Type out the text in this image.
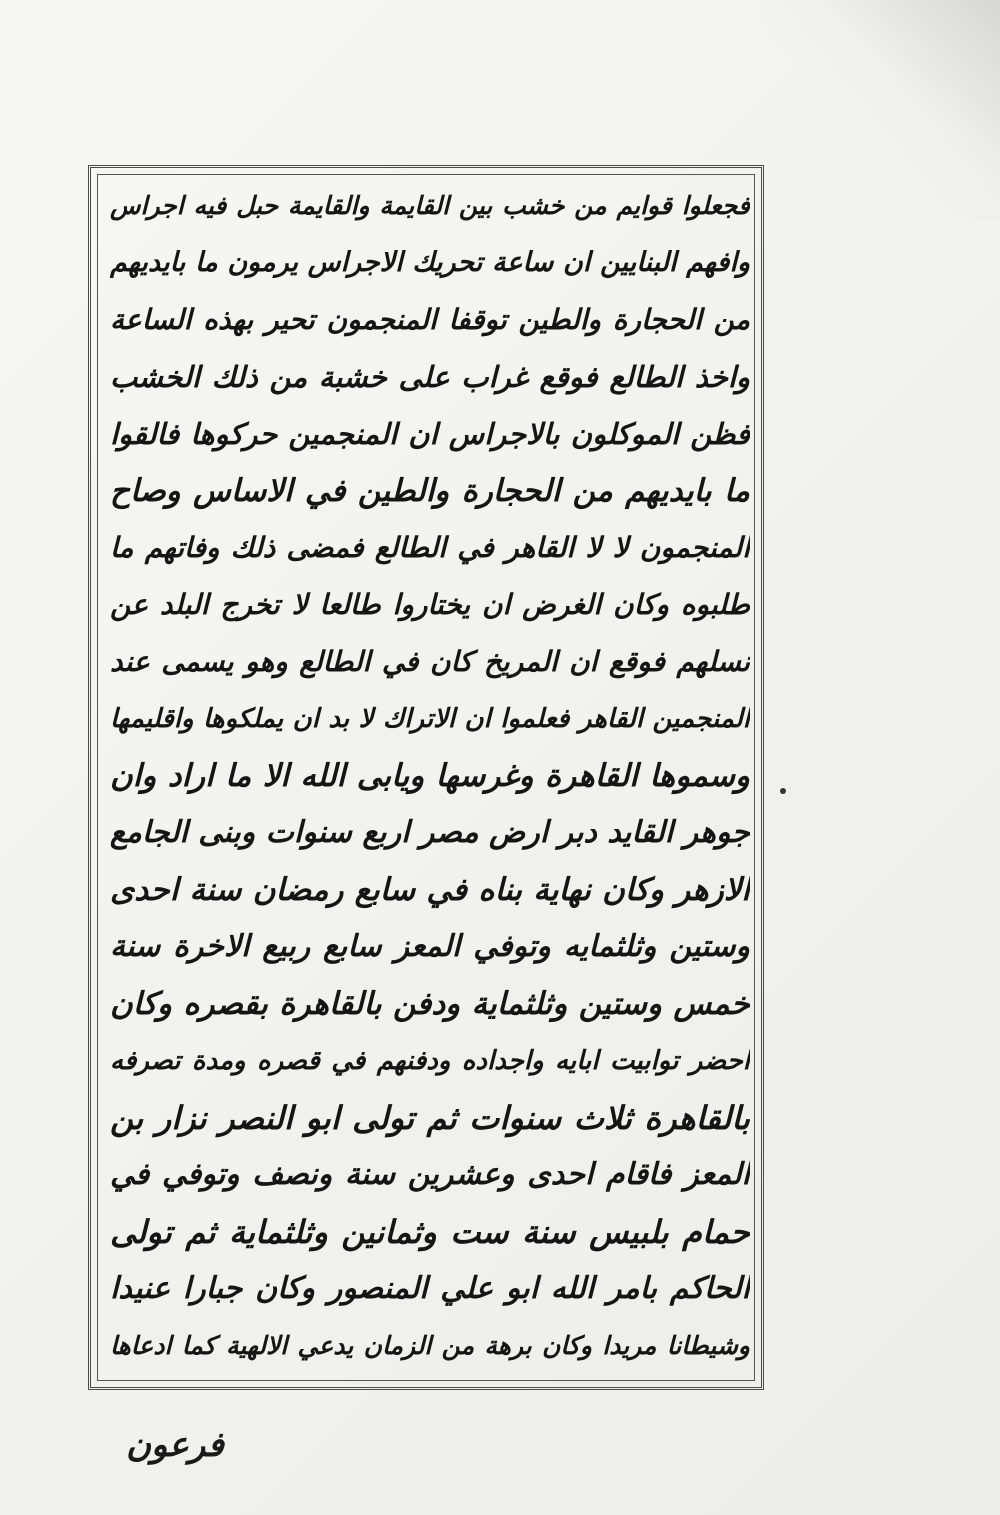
فجعلوا قوايم من خشب بين القايمة والقايمة حبل فيه اجراس
وافهم البنايين ان ساعة تحريك الاجراس يرمون ما بايديهم
من الحجارة والطين توقفا المنجمون تحير بهذه الساعة
واخذ الطالع فوقع غراب على خشبة من ذلك الخشب
فظن الموكلون بالاجراس ان المنجمين حركوها فالقوا
ما بايديهم من الحجارة والطين في الاساس وصاح
المنجمون لا لا القاهر في الطالع فمضى ذلك وفاتهم ما
طلبوه وكان الغرض ان يختاروا طالعا لا تخرج البلد عن
نسلهم فوقع ان المريخ كان في الطالع وهو يسمى عند
المنجمين القاهر فعلموا ان الاتراك لا بد ان يملكوها واقليمها
وسموها القاهرة وغرسها ويابى الله الا ما اراد وان
جوهر القايد دبر ارض مصر اربع سنوات وبنى الجامع
الازهر وكان نهاية بناه في سابع رمضان سنة احدى
وستين وثلثمايه وتوفي المعز سابع ربيع الاخرة سنة
خمس وستين وثلثماية ودفن بالقاهرة بقصره وكان
احضر توابيت ابايه واجداده ودفنهم في قصره ومدة تصرفه
بالقاهرة ثلاث سنوات ثم تولى ابو النصر نزار بن
المعز فاقام احدى وعشرين سنة ونصف وتوفي في
حمام بلبيس سنة ست وثمانين وثلثماية ثم تولى
الحاكم بامر الله ابو علي المنصور وكان جبارا عنيدا
وشيطانا مريدا وكان برهة من الزمان يدعي الالهية كما ادعاها
فرعون
